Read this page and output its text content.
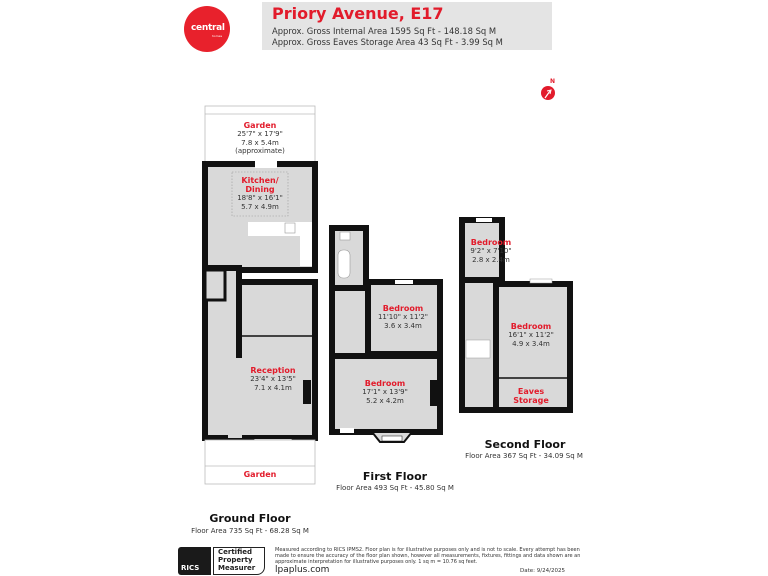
central
homes
Priory Avenue, E17
Approx. Gross Internal Area 1595 Sq Ft - 148.18 Sq M
Approx. Gross Eaves Storage Area 43 Sq Ft - 3.99 Sq M
N
Garden
25'7" x 17'9"
7.8 x 5.4m
(approximate)
Kitchen/
Dining
18'8" x 16'1"
5.7 x 4.9m
Reception
23'4" x 13'5"
7.1 x 4.1m
Garden
Bedroom
11'10" x 11'2"
3.6 x 3.4m
Bedroom
17'1" x 13'9"
5.2 x 4.2m
Bedroom
9'2" x 7'10"
2.8 x 2.4m
Bedroom
16'1" x 11'2"
4.9 x 3.4m
Eaves
Storage
Ground Floor
Floor Area 735 Sq Ft - 68.28 Sq M
First Floor
Floor Area 493 Sq Ft - 45.80 Sq M
Second Floor
Floor Area 367 Sq Ft - 34.09 Sq M
RICS
Certified
Property
Measurer
Measured according to RICS IPMS2. Floor plan is for illustrative purposes only and is not to scale. Every attempt has been made to ensure the accuracy of the floor plan shown, however all measurements, fixtures, fittings and data shown are an approximate interpretation for illustrative purposes only. 1 sq m = 10.76 sq feet.
lpaplus.com	Date: 9/24/2025
